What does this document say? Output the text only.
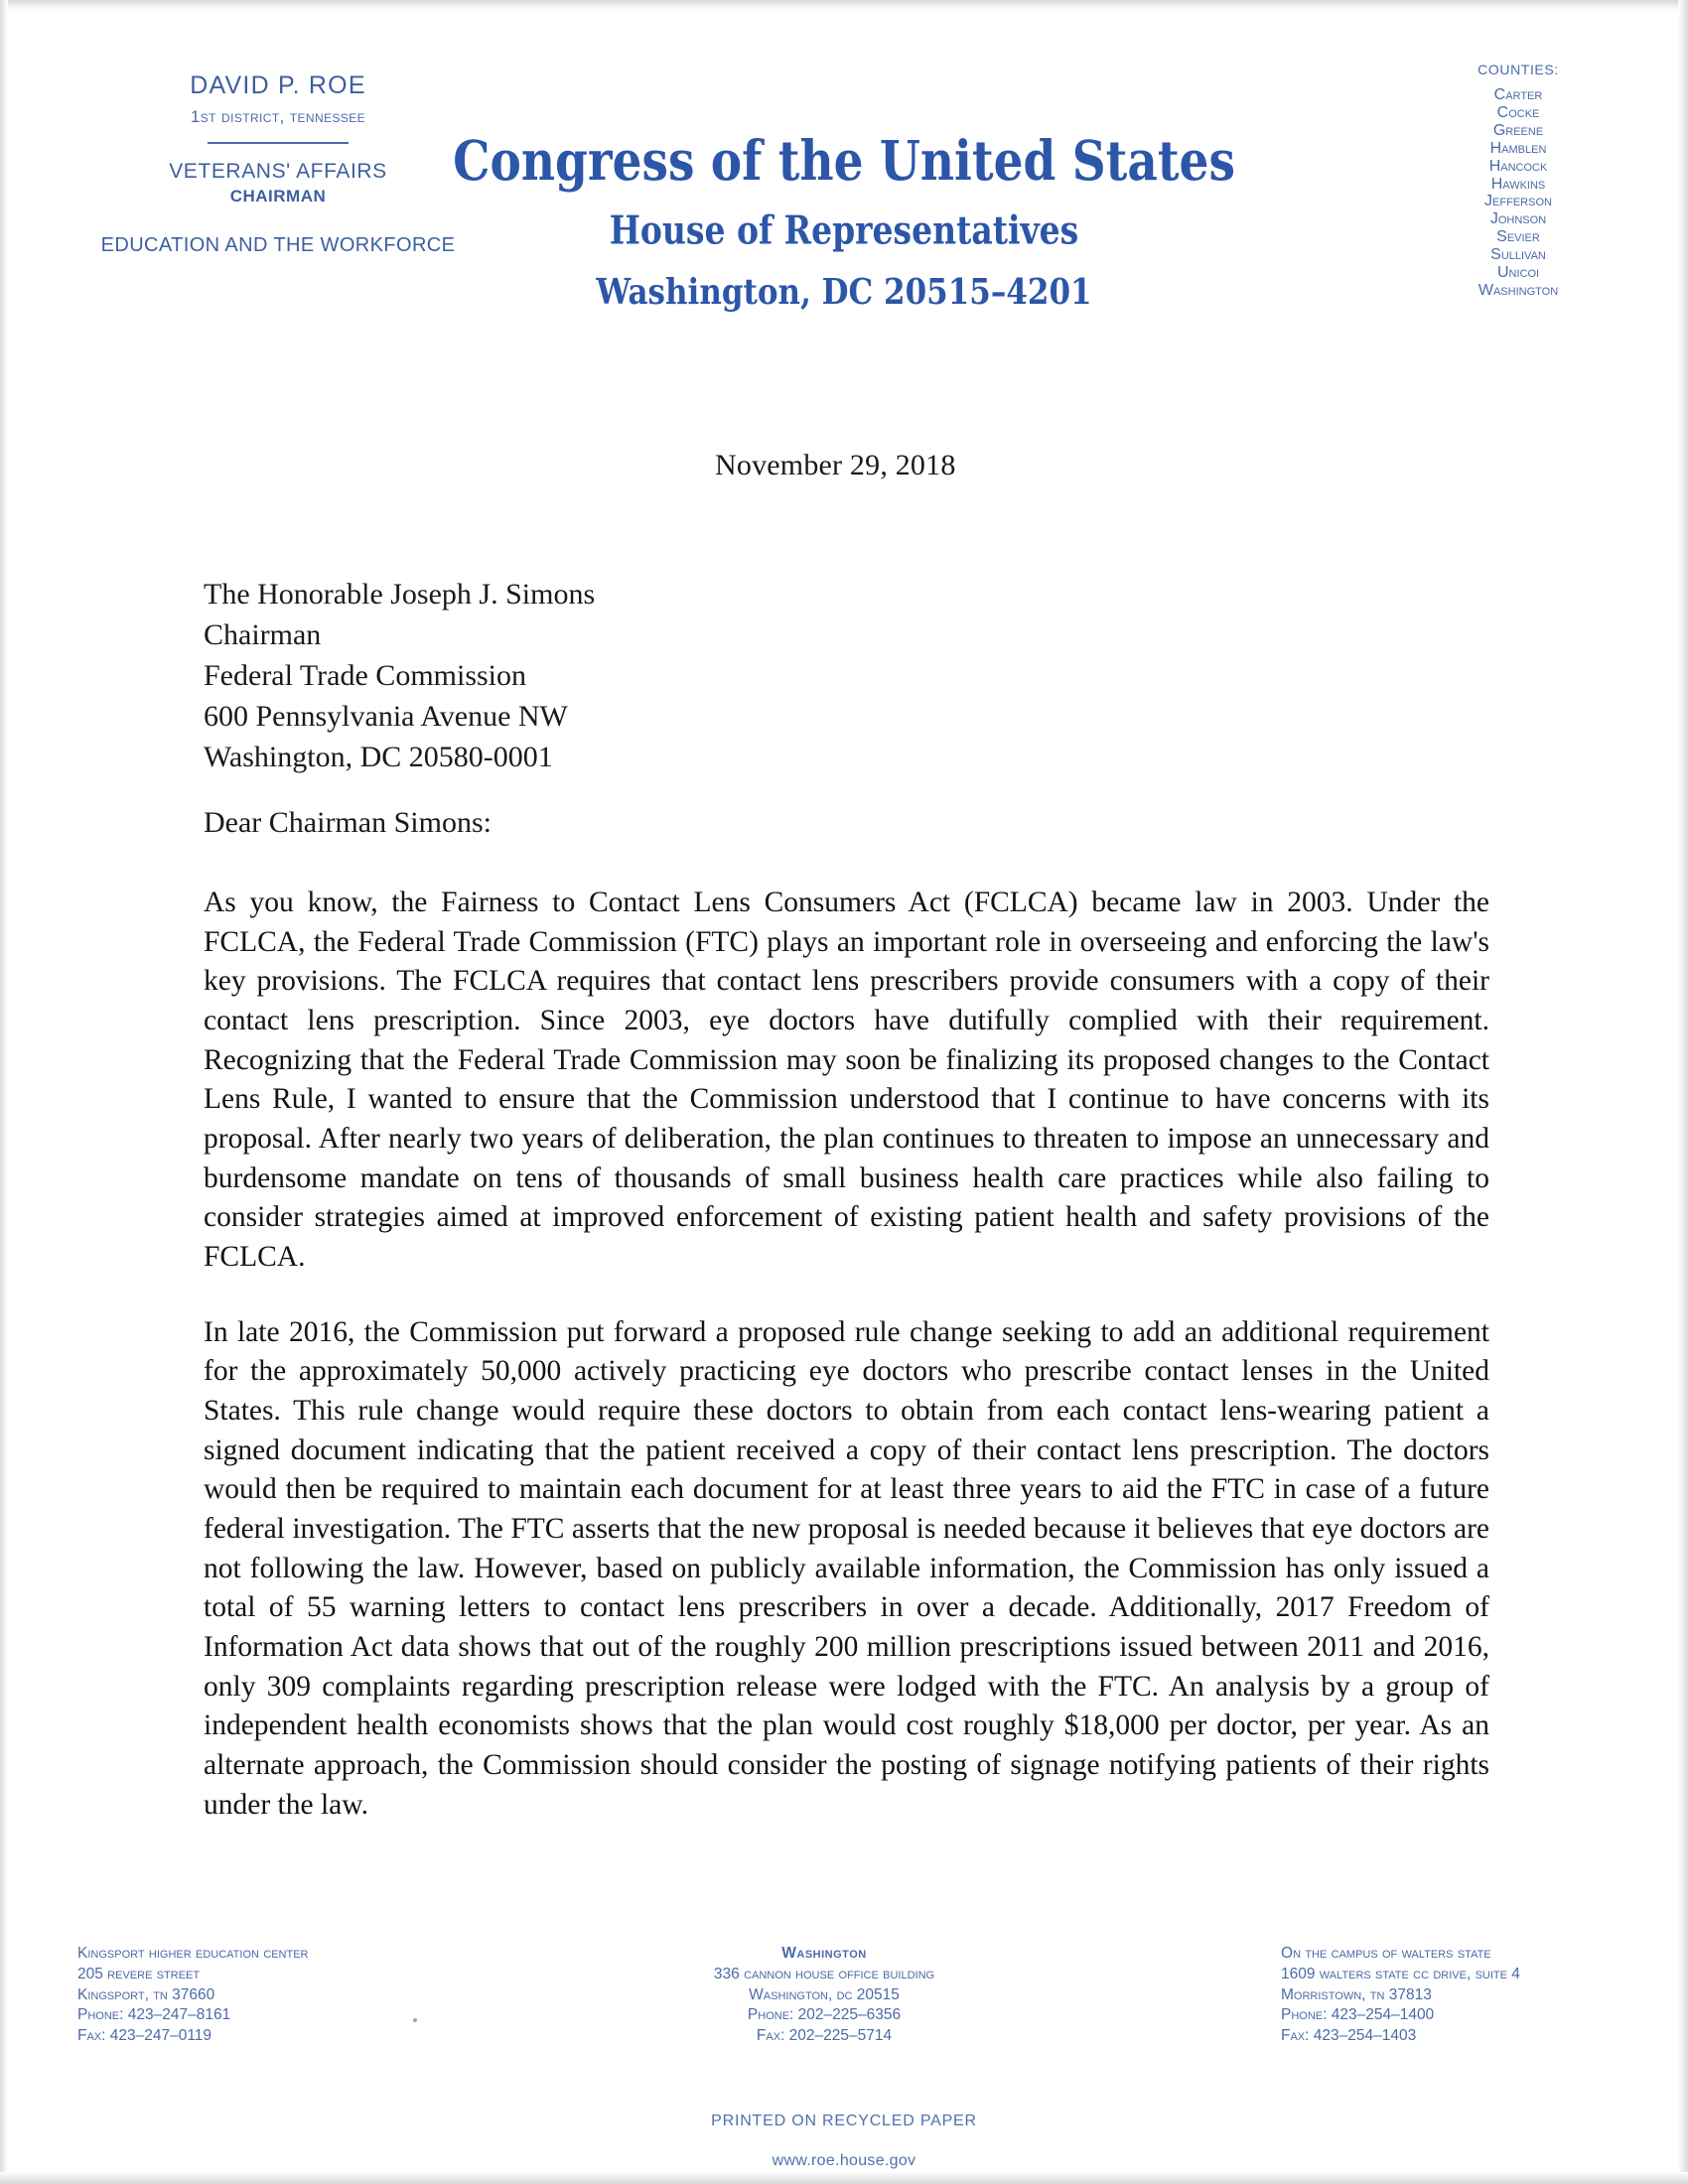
DAVID P. ROE
1st district, tennessee
VETERANS' AFFAIRS
CHAIRMAN
EDUCATION AND THE WORKFORCE
Congress of the United States
House of Representatives
Washington, DC 20515–4201
COUNTIES:
Carter
Cocke
Greene
Hamblen
Hancock
Hawkins
Jefferson
Johnson
Sevier
Sullivan
Unicoi
Washington
November 29, 2018
The Honorable Joseph J. Simons
Chairman
Federal Trade Commission
600 Pennsylvania Avenue NW
Washington, DC 20580-0001
Dear Chairman Simons:

As you know, the Fairness to Contact Lens Consumers Act (FCLCA) became law in 2003. Under the FCLCA, the Federal Trade Commission (FTC) plays an important role in overseeing and enforcing the law's key provisions. The FCLCA requires that contact lens prescribers provide consumers with a copy of their contact lens prescription. Since 2003, eye doctors have dutifully complied with their requirement. Recognizing that the Federal Trade Commission may soon be finalizing its proposed changes to the Contact Lens Rule, I wanted to ensure that the Commission understood that I continue to have concerns with its proposal. After nearly two years of deliberation, the plan continues to threaten to impose an unnecessary and burdensome mandate on tens of thousands of small business health care practices while also failing to consider strategies aimed at improved enforcement of existing patient health and safety provisions of the FCLCA.

In late 2016, the Commission put forward a proposed rule change seeking to add an additional requirement for the approximately 50,000 actively practicing eye doctors who prescribe contact lenses in the United States. This rule change would require these doctors to obtain from each contact lens-wearing patient a signed document indicating that the patient received a copy of their contact lens prescription. The doctors would then be required to maintain each document for at least three years to aid the FTC in case of a future federal investigation. The FTC asserts that the new proposal is needed because it believes that eye doctors are not following the law. However, based on publicly available information, the Commission has only issued a total of 55 warning letters to contact lens prescribers in over a decade. Additionally, 2017 Freedom of Information Act data shows that out of the roughly 200 million prescriptions issued between 2011 and 2016, only 309 complaints regarding prescription release were lodged with the FTC. An analysis by a group of independent health economists shows that the plan would cost roughly $18,000 per doctor, per year. As an alternate approach, the Commission should consider the posting of signage notifying patients of their rights under the law.

Kingsport higher education center
205 revere street
Kingsport, tn 37660
Phone: 423–247–8161
Fax: 423–247–0119
Washington
336 cannon house office building
Washington, dc 20515
Phone: 202–225–6356
Fax: 202–225–5714
On the campus of walters state
1609 walters state cc drive, suite 4
Morristown, tn 37813
Phone: 423–254–1400
Fax: 423–254–1403
PRINTED ON RECYCLED PAPER
www.roe.house.gov
